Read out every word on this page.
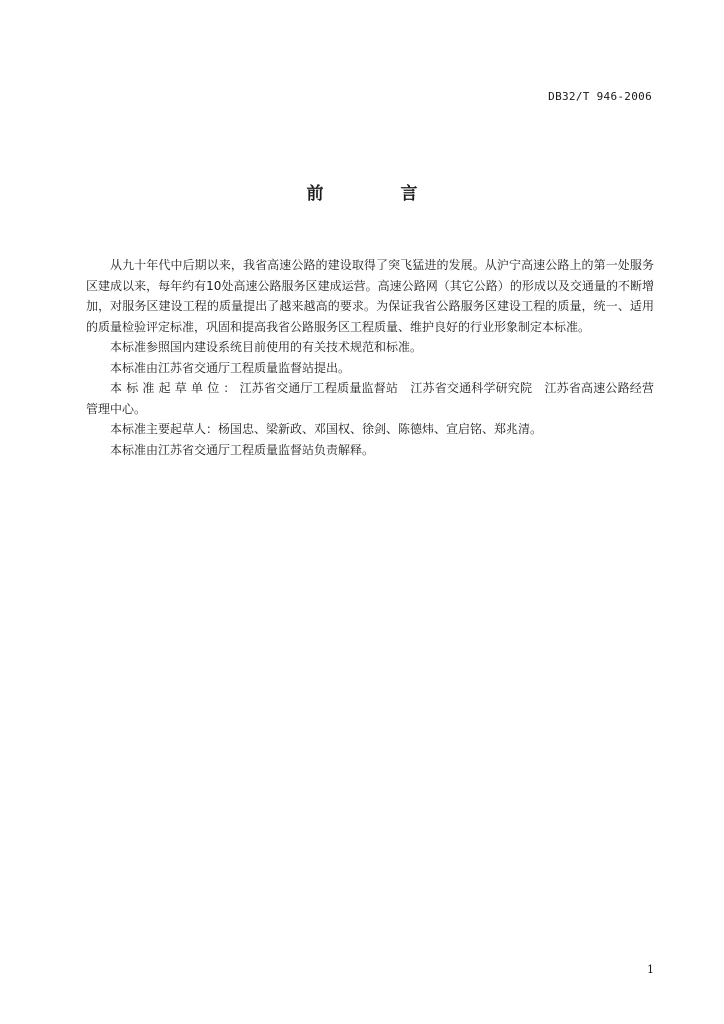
DB32/T 946-2006
前　言

从九十年代中后期以来，我省高速公路的建设取得了突飞猛进的发展。从沪宁高速公路上的第一处服务区建成以来，每年约有10处高速公路服务区建成运营。高速公路网（其它公路）的形成以及交通量的不断增加，对服务区建设工程的质量提出了越来越高的要求。为保证我省公路服务区建设工程的质量，统一、适用的质量检验评定标准，巩固和提高我省公路服务区工程质量、维护良好的行业形象制定本标准。

本标准参照国内建设系统目前使用的有关技术规范和标准。

本标准由江苏省交通厅工程质量监督站提出。

本 标 准 起 草 单 位 ： 江苏省交通厅工程质量监督站　江苏省交通科学研究院　江苏省高速公路经营管理中心。

本标准主要起草人：杨国忠、梁新政、邓国权、徐剑、陈德炜、宣启铭、郑兆清。

本标准由江苏省交通厅工程质量监督站负责解释。

1
